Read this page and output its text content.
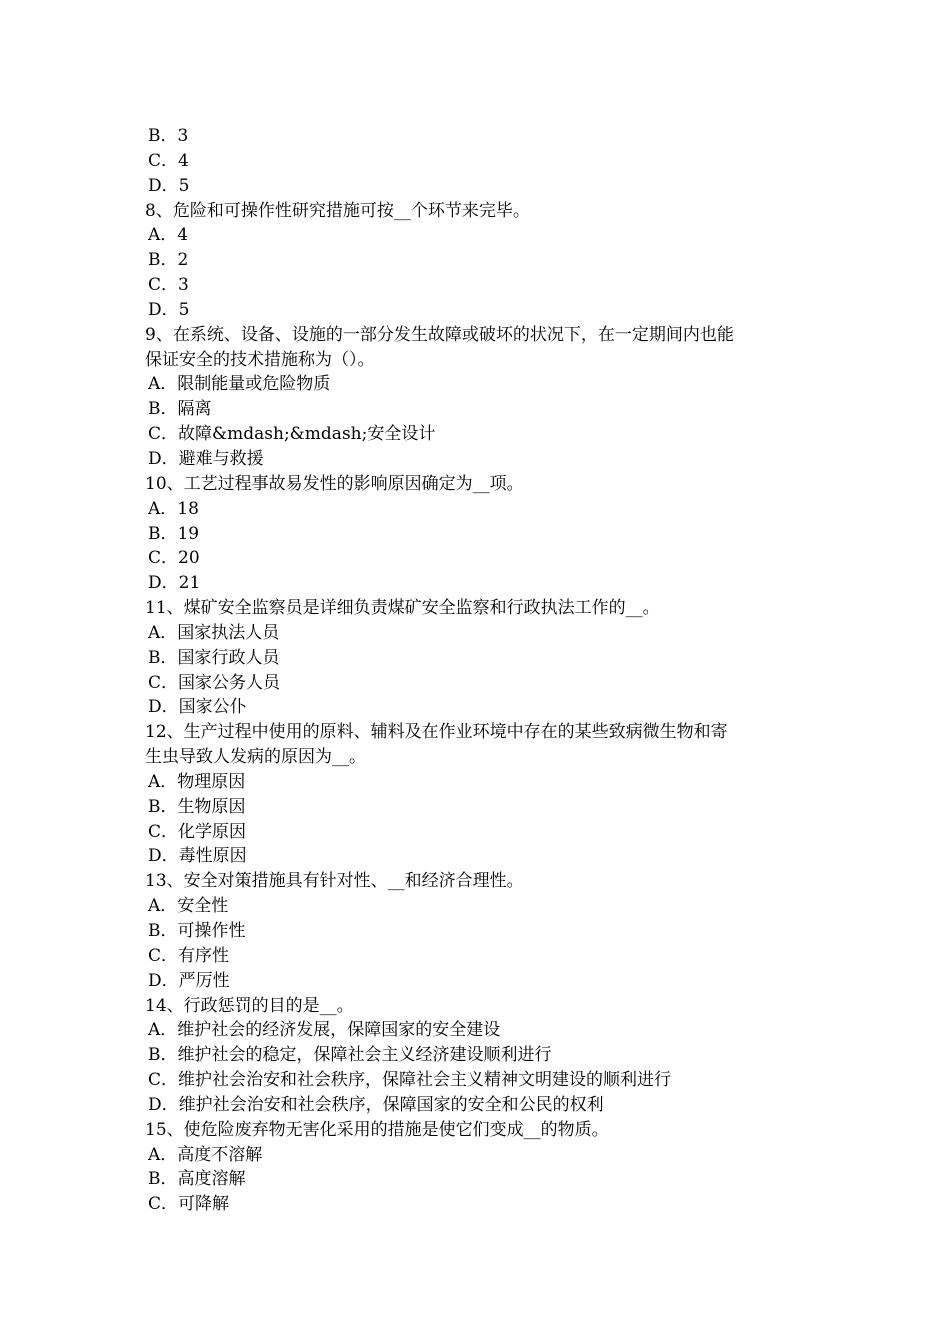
B．3

C．4

D．5

8、危险和可操作性研究措施可按__个环节来完毕。

A．4

B．2

C．3

D．5

9、在系统、设备、设施的一部分发生故障或破坏的状况下，在一定期间内也能

保证安全的技术措施称为（）。

A．限制能量或危险物质

B．隔离

C．故障&mdash;&mdash;安全设计

D．避难与救援

10、工艺过程事故易发性的影响原因确定为__项。

A．18

B．19

C．20

D．21

11、煤矿安全监察员是详细负责煤矿安全监察和行政执法工作的__。

A．国家执法人员

B．国家行政人员

C．国家公务人员

D．国家公仆

12、生产过程中使用的原料、辅料及在作业环境中存在的某些致病微生物和寄

生虫导致人发病的原因为__。

A．物理原因

B．生物原因

C．化学原因

D．毒性原因

13、安全对策措施具有针对性、__和经济合理性。

A．安全性

B．可操作性

C．有序性

D．严厉性

14、行政惩罚的目的是__。

A．维护社会的经济发展，保障国家的安全建设

B．维护社会的稳定，保障社会主义经济建设顺利进行

C．维护社会治安和社会秩序，保障社会主义精神文明建设的顺利进行

D．维护社会治安和社会秩序，保障国家的安全和公民的权利

15、使危险废弃物无害化采用的措施是使它们变成__的物质。

A．高度不溶解

B．高度溶解

C．可降解
